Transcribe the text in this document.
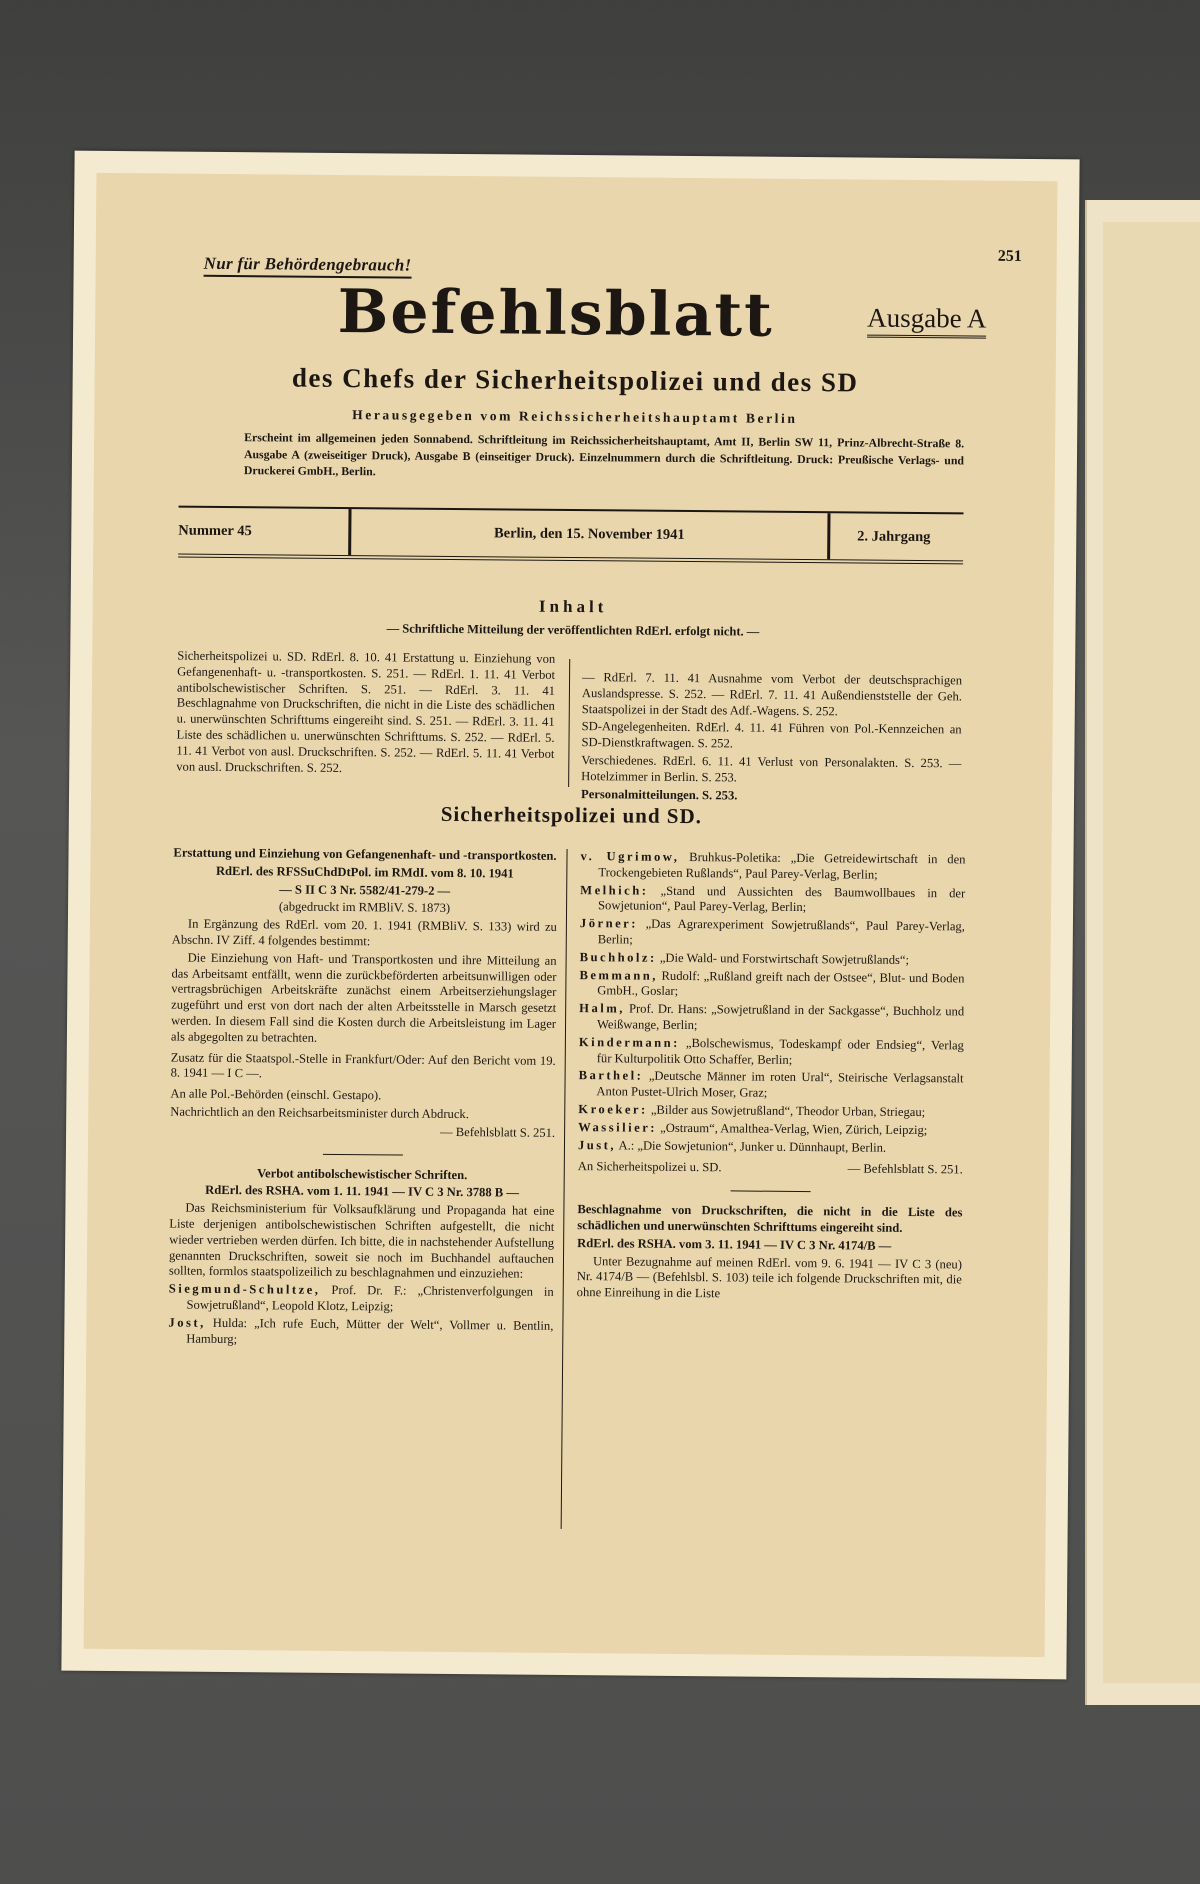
Nur für Behördengebrauch!	251
Befehlsblatt	Ausgabe A
des Chefs der Sicherheitspolizei und des SD
Herausgegeben vom Reichssicherheitshauptamt Berlin
Erscheint im allgemeinen jeden Sonnabend. Schriftleitung im Reichssicherheitshauptamt, Amt II, Berlin SW 11, Prinz-Albrecht-Straße 8. Ausgabe A (zweiseitiger Druck), Ausgabe B (einseitiger Druck). Einzelnummern durch die Schriftleitung. Druck: Preußische Verlags- und Druckerei GmbH., Berlin.
Nummer 45	Berlin, den 15. November 1941	2. Jahrgang
Inhalt
— Schriftliche Mitteilung der veröffentlichten RdErl. erfolgt nicht. —

Sicherheitspolizei u. SD. RdErl. 8. 10. 41 Erstattung u. Einziehung von Gefangenenhaft- u. -transportkosten. S. 251. — RdErl. 1. 11. 41 Verbot antibolschewistischer Schriften. S. 251. — RdErl. 3. 11. 41 Beschlagnahme von Druckschriften, die nicht in die Liste des schädlichen u. unerwünschten Schrifttums eingereiht sind. S. 251. — RdErl. 3. 11. 41 Liste des schädlichen u. unerwünschten Schrifttums. S. 252. — RdErl. 5. 11. 41 Verbot von ausl. Druckschriften. S. 252. — RdErl. 5. 11. 41 Verbot von ausl. Druckschriften. S. 252.

— RdErl. 7. 11. 41 Ausnahme vom Verbot der deutschsprachigen Auslandspresse. S. 252. — RdErl. 7. 11. 41 Außendienststelle der Geh. Staatspolizei in der Stadt des Adf.-Wagens. S. 252.

SD-Angelegenheiten. RdErl. 4. 11. 41 Führen von Pol.-Kennzeichen an SD-Dienstkraftwagen. S. 252.

Verschiedenes. RdErl. 6. 11. 41 Verlust von Personalakten. S. 253. — Hotelzimmer in Berlin. S. 253.

Personalmitteilungen. S. 253.

Sicherheitspolizei und SD.

Erstattung und Einziehung von Gefangenenhaft- und -transportkosten.

RdErl. des RFSSuChdDtPol. im RMdI. vom 8. 10. 1941

— S II C 3 Nr. 5582/41-279-2 —

(abgedruckt im RMBliV. S. 1873)

In Ergänzung des RdErl. vom 20. 1. 1941 (RMBliV. S. 133) wird zu Abschn. IV Ziff. 4 folgendes bestimmt:

Die Einziehung von Haft- und Transportkosten und ihre Mitteilung an das Arbeitsamt entfällt, wenn die zurückbeförderten arbeitsunwilligen oder vertragsbrüchigen Arbeitskräfte zunächst einem Arbeitserziehungslager zugeführt und erst von dort nach der alten Arbeitsstelle in Marsch gesetzt werden. In diesem Fall sind die Kosten durch die Arbeitsleistung im Lager als abgegolten zu betrachten.

Zusatz für die Staatspol.-Stelle in Frankfurt/Oder: Auf den Bericht vom 19. 8. 1941 — I C —.

An alle Pol.-Behörden (einschl. Gestapo).

Nachrichtlich an den Reichsarbeitsminister durch Abdruck.

— Befehlsblatt S. 251.

Verbot antibolschewistischer Schriften.

RdErl. des RSHA. vom 1. 11. 1941 — IV C 3 Nr. 3788 B —

Das Reichsministerium für Volksaufklärung und Propaganda hat eine Liste derjenigen antibolschewistischen Schriften aufgestellt, die nicht wieder vertrieben werden dürfen. Ich bitte, die in nachstehender Aufstellung genannten Druckschriften, soweit sie noch im Buchhandel auftauchen sollten, formlos staatspolizeilich zu beschlagnahmen und einzuziehen:

Siegmund-Schultze, Prof. Dr. F.: „Christenverfolgungen in Sowjetrußland“, Leopold Klotz, Leipzig;

Jost, Hulda: „Ich rufe Euch, Mütter der Welt“, Vollmer u. Bentlin, Hamburg;

v. Ugrimow, Bruhkus-Poletika: „Die Getreidewirtschaft in den Trockengebieten Rußlands“, Paul Parey-Verlag, Berlin;

Melhich: „Stand und Aussichten des Baumwollbaues in der Sowjetunion“, Paul Parey-Verlag, Berlin;

Jörner: „Das Agrarexperiment Sowjetrußlands“, Paul Parey-Verlag, Berlin;

Buchholz: „Die Wald- und Forstwirtschaft Sowjetrußlands“;

Bemmann, Rudolf: „Rußland greift nach der Ostsee“, Blut- und Boden GmbH., Goslar;

Halm, Prof. Dr. Hans: „Sowjetrußland in der Sackgasse“, Buchholz und Weißwange, Berlin;

Kindermann: „Bolschewismus, Todeskampf oder Endsieg“, Verlag für Kulturpolitik Otto Schaffer, Berlin;

Barthel: „Deutsche Männer im roten Ural“, Steirische Verlagsanstalt Anton Pustet-Ulrich Moser, Graz;

Kroeker: „Bilder aus Sowjetrußland“, Theodor Urban, Striegau;

Wassilier: „Ostraum“, Amalthea-Verlag, Wien, Zürich, Leipzig;

Just, A.: „Die Sowjetunion“, Junker u. Dünnhaupt, Berlin.

An Sicherheitspolizei u. SD.	— Befehlsblatt S. 251.

Beschlagnahme von Druckschriften, die nicht in die Liste des schädlichen und unerwünschten Schrifttums eingereiht sind.

RdErl. des RSHA. vom 3. 11. 1941 — IV C 3 Nr. 4174/B —

Unter Bezugnahme auf meinen RdErl. vom 9. 6. 1941 — IV C 3 (neu) Nr. 4174/B — (Befehlsbl. S. 103) teile ich folgende Druckschriften mit, die ohne Einreihung in die Liste
